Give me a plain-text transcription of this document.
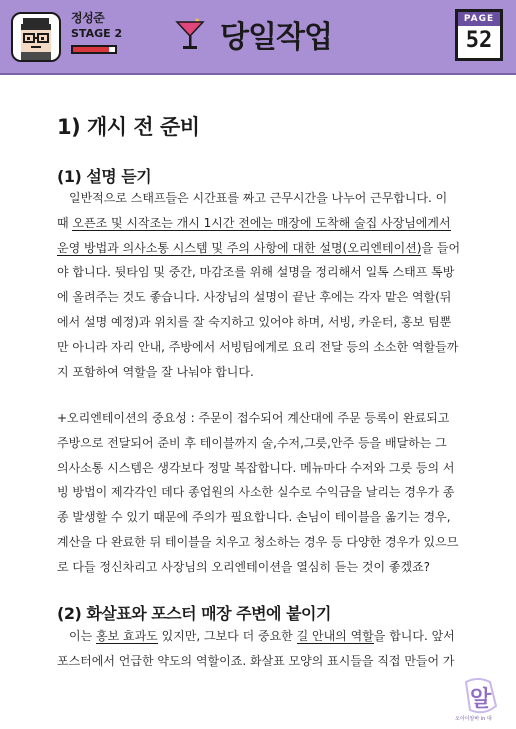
정성준
STAGE 2	당일작업
PAGE
52
1) 개시 전 준비
(1) 설명 듣기

　일반적으로 스태프들은 시간표를 짜고 근무시간을 나누어 근무합니다. 이 때 오픈조 및 시작조는 개시 1시간 전에는 매장에 도착해 술집 사장님에게서 운영 방법과 의사소통 시스템 및 주의 사항에 대한 설명(오리엔테이션)을 들어야 합니다. 뒷타임 및 중간, 마감조를 위해 설명을 정리해서 일톡 스태프 톡방에 올려주는 것도 좋습니다. 사장님의 설명이 끝난 후에는 각자 맡은 역할(뒤에서 설명 예정)과 위치를 잘 숙지하고 있어야 하며, 서빙, 카운터, 홍보 팀뿐만 아니라 자리 안내, 주방에서 서빙팀에게로 요리 전달 등의 소소한 역할들까지 포함하여 역할을 잘 나눠야 합니다.

+오리엔테이션의 중요성 : 주문이 접수되어 계산대에 주문 등록이 완료되고 주방으로 전달되어 준비 후 테이블까지 술,수저,그릇,안주 등을 배달하는 그 의사소통 시스템은 생각보다 정말 복잡합니다. 메뉴마다 수저와 그릇 등의 서빙 방법이 제각각인 데다 종업원의 사소한 실수로 수익금을 날리는 경우가 종종 발생할 수 있기 때문에 주의가 필요합니다. 손님이 테이블을 옮기는 경우, 계산을 다 완료한 뒤 테이블을 치우고 청소하는 경우 등 다양한 경우가 있으므로 다들 정신차리고 사장님의 오리엔테이션을 열심히 듣는 것이 좋겠죠?

(2) 화살표와 포스터 매장 주변에 붙이기

　이는 홍보 효과도 있지만, 그보다 더 중요한 길 안내의 역할을 합니다. 앞서 포스터에서 언급한 약도의 역할이죠. 화살표 모양의 표시들을 직접 만들어 가

알
오아이알바 in 대
